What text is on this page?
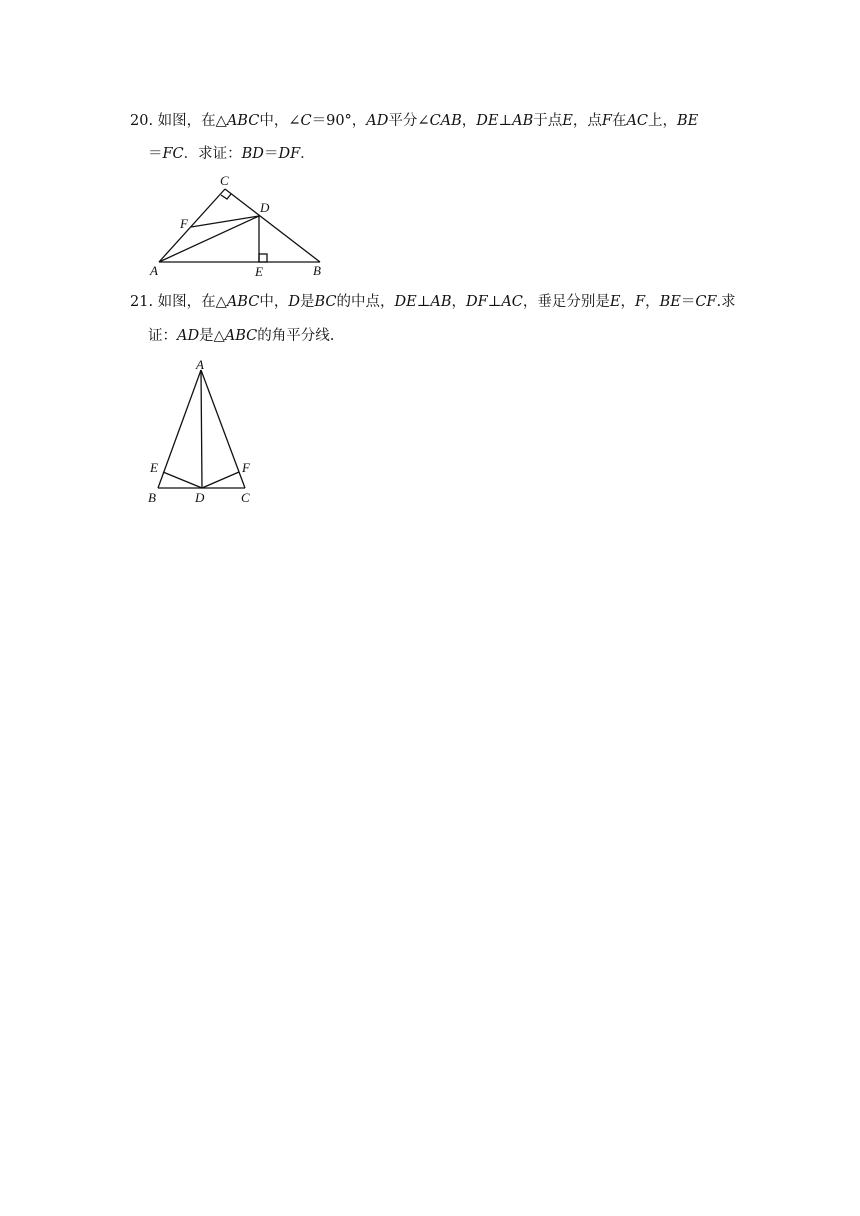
20. 如图，在△ABC中，∠C＝90°，AD平分∠CAB，DE⊥AB于点E，点F在AC上，BE
＝FC．求证：BD＝DF．
A	B
C
D
E
F
21. 如图，在△ABC中，D是BC的中点，DE⊥AB，DF⊥AC，垂足分别是E，F，BE＝CF.求
证：AD是△ABC的角平分线.
A
B	C
D
E	F
